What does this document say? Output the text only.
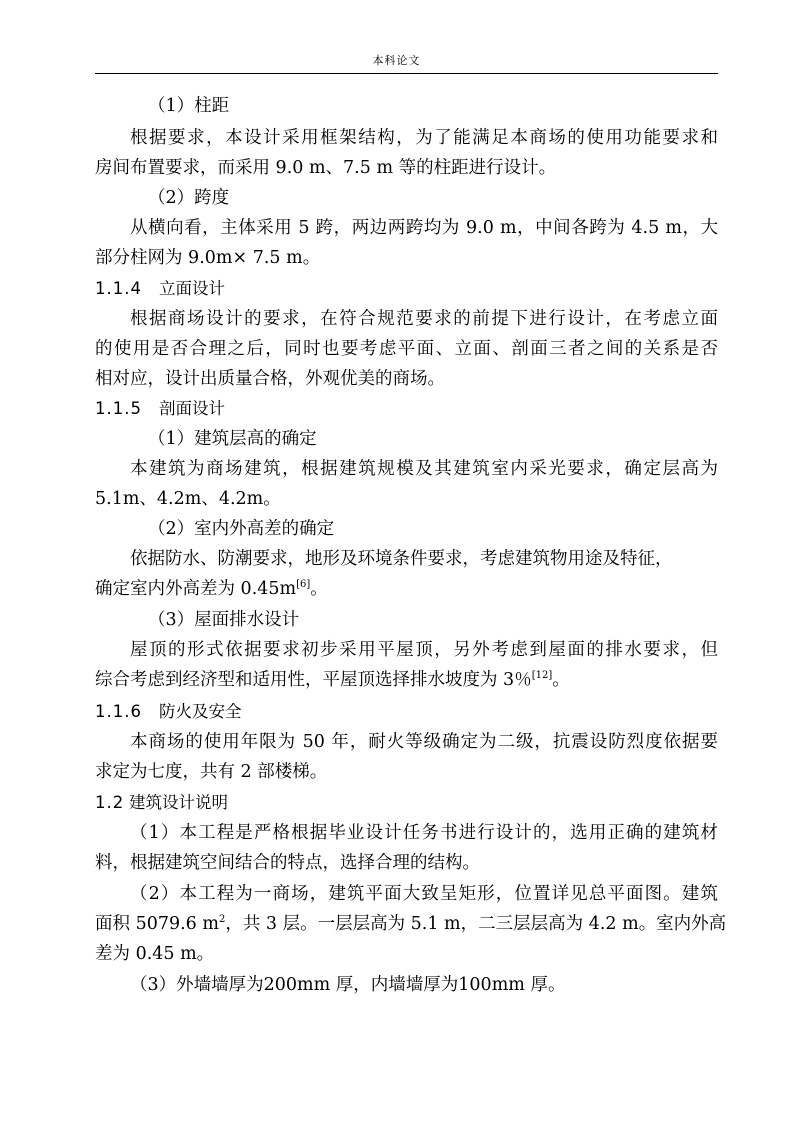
本科论文
（1）柱距
根据要求，本设计采用框架结构，为了能满足本商场的使用功能要求和
房间布置要求，而采用 9.0 m、7.5 m 等的柱距进行设计。
（2）跨度
从横向看，主体采用 5 跨，两边两跨均为 9.0 m，中间各跨为 4.5 m，大
部分柱网为 9.0m× 7.5 m。
1.1.4 立面设计
根据商场设计的要求，在符合规范要求的前提下进行设计，在考虑立面
的使用是否合理之后，同时也要考虑平面、立面、剖面三者之间的关系是否
相对应，设计出质量合格，外观优美的商场。
1.1.5 剖面设计
（1）建筑层高的确定
本建筑为商场建筑，根据建筑规模及其建筑室内采光要求，确定层高为
5.1m、4.2m、4.2m。
（2）室内外高差的确定
依据防水、防潮要求，地形及环境条件要求，考虑建筑物用途及特征，
确定室内外高差为 0.45m[6]。
（3）屋面排水设计
屋顶的形式依据要求初步采用平屋顶，另外考虑到屋面的排水要求，但
综合考虑到经济型和适用性，平屋顶选择排水坡度为 3％[12]。
1.1.6 防火及安全
本商场的使用年限为 50 年，耐火等级确定为二级，抗震设防烈度依据要
求定为七度，共有 2 部楼梯。
1.2 建筑设计说明
（1）本工程是严格根据毕业设计任务书进行设计的，选用正确的建筑材
料，根据建筑空间结合的特点，选择合理的结构。
（2）本工程为一商场，建筑平面大致呈矩形，位置详见总平面图。建筑
面积 5079.6 $m^2$，共 3 层。一层层高为 5.1 m，二三层层高为 4.2 m。室内外高
差为 0.45 m。
（3）外墙墙厚为200mm 厚，内墙墙厚为100mm 厚。
